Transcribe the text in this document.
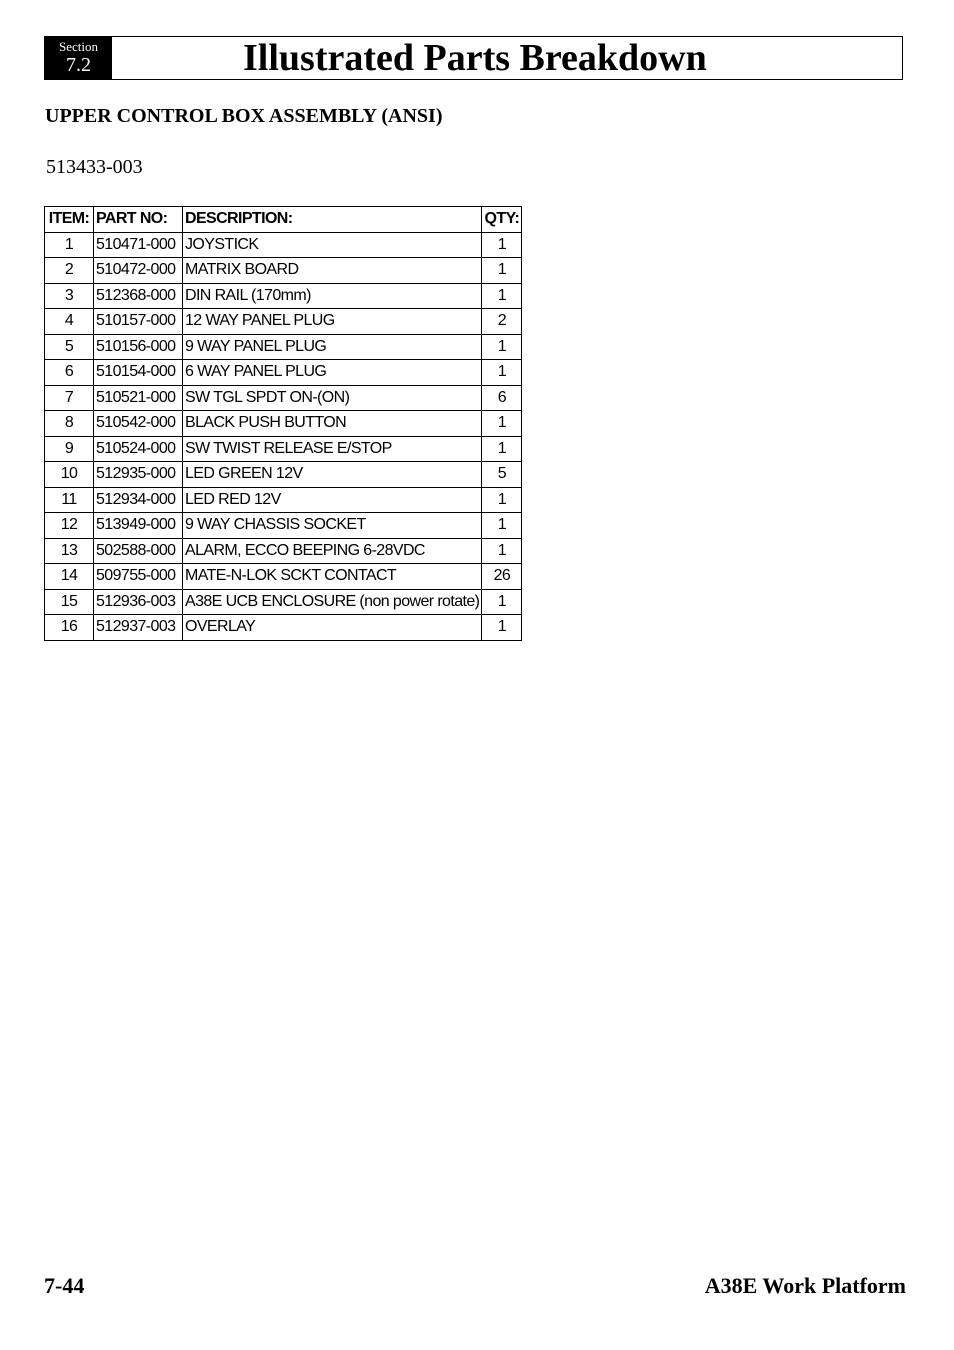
Section
7.2	Illustrated Parts Breakdown
UPPER CONTROL BOX ASSEMBLY (ANSI)
513433-003
ITEM:	PART NO:	DESCRIPTION:	QTY:
1	510471-000	JOYSTICK	1
2	510472-000	MATRIX BOARD	1
3	512368-000	DIN RAIL (170mm)	1
4	510157-000	12 WAY PANEL PLUG	2
5	510156-000	9 WAY PANEL PLUG	1
6	510154-000	6 WAY PANEL PLUG	1
7	510521-000	SW TGL SPDT ON-(ON)	6
8	510542-000	BLACK PUSH BUTTON	1
9	510524-000	SW TWIST RELEASE E/STOP	1
10	512935-000	LED GREEN 12V	5
11	512934-000	LED RED 12V	1
12	513949-000	9 WAY CHASSIS SOCKET	1
13	502588-000	ALARM, ECCO BEEPING 6-28VDC	1
14	509755-000	MATE-N-LOK SCKT CONTACT	26
15	512936-003	A38E UCB ENCLOSURE (non power rotate)	1
16	512937-003	OVERLAY	1
7-44	A38E Work Platform
